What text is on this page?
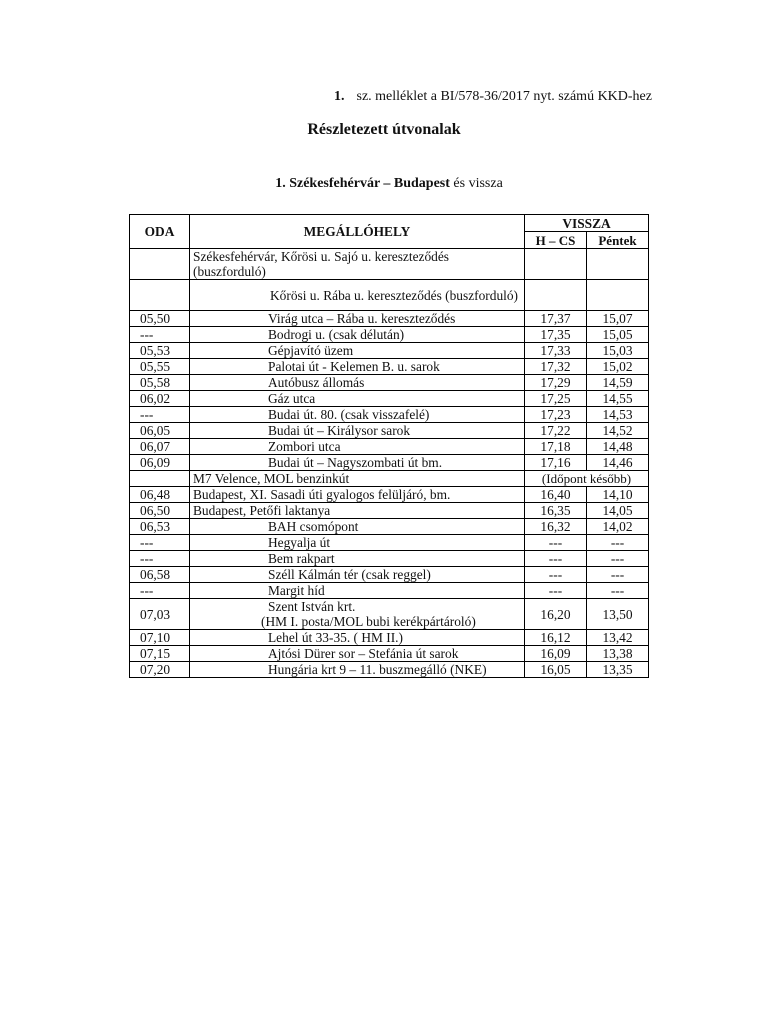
1. sz. melléklet a BI/578-36/2017 nyt. számú KKD-hez
Részletezett útvonalak
1. Székesfehérvár – Budapest és vissza
ODA	MEGÁLLÓHELY	VISSZA	
		H – CS	Péntek
	Székesfehérvár, Kőrösi u. Sajó u. kereszteződés (buszforduló)		
	Kőrösi u. Rába u. kereszteződés (buszforduló)		
05,50	Virág utca – Rába u. kereszteződés	17,37	15,07
---	Bodrogi u. (csak délután)	17,35	15,05
05,53	Gépjavító üzem	17,33	15,03
05,55	Palotai út - Kelemen B. u. sarok	17,32	15,02
05,58	Autóbusz állomás	17,29	14,59
06,02	Gáz utca	17,25	14,55
---	Budai út. 80. (csak visszafelé)	17,23	14,53
06,05	Budai út – Királysor sarok	17,22	14,52
06,07	Zombori utca	17,18	14,48
06,09	Budai út – Nagyszombati út bm.	17,16	14,46
	M7 Velence, MOL benzinkút	(Időpont később)	
06,48	Budapest, XI. Sasadi úti gyalogos felüljáró, bm.	16,40	14,10
06,50	Budapest, Petőfi laktanya	16,35	14,05
06,53	BAH csomópont	16,32	14,02
---	Hegyalja út	---	---
---	Bem rakpart	---	---
06,58	Széll Kálmán tér (csak reggel)	---	---
---	Margit híd	---	---
07,03	Szent István krt.
(HM I. posta/MOL bubi kerékpártároló)	16,20	13,50
07,10	Lehel út 33-35. ( HM II.)	16,12	13,42
07,15	Ajtósi Dürer sor – Stefánia út sarok	16,09	13,38
07,20	Hungária krt 9 – 11. buszmegálló (NKE)	16,05	13,35
